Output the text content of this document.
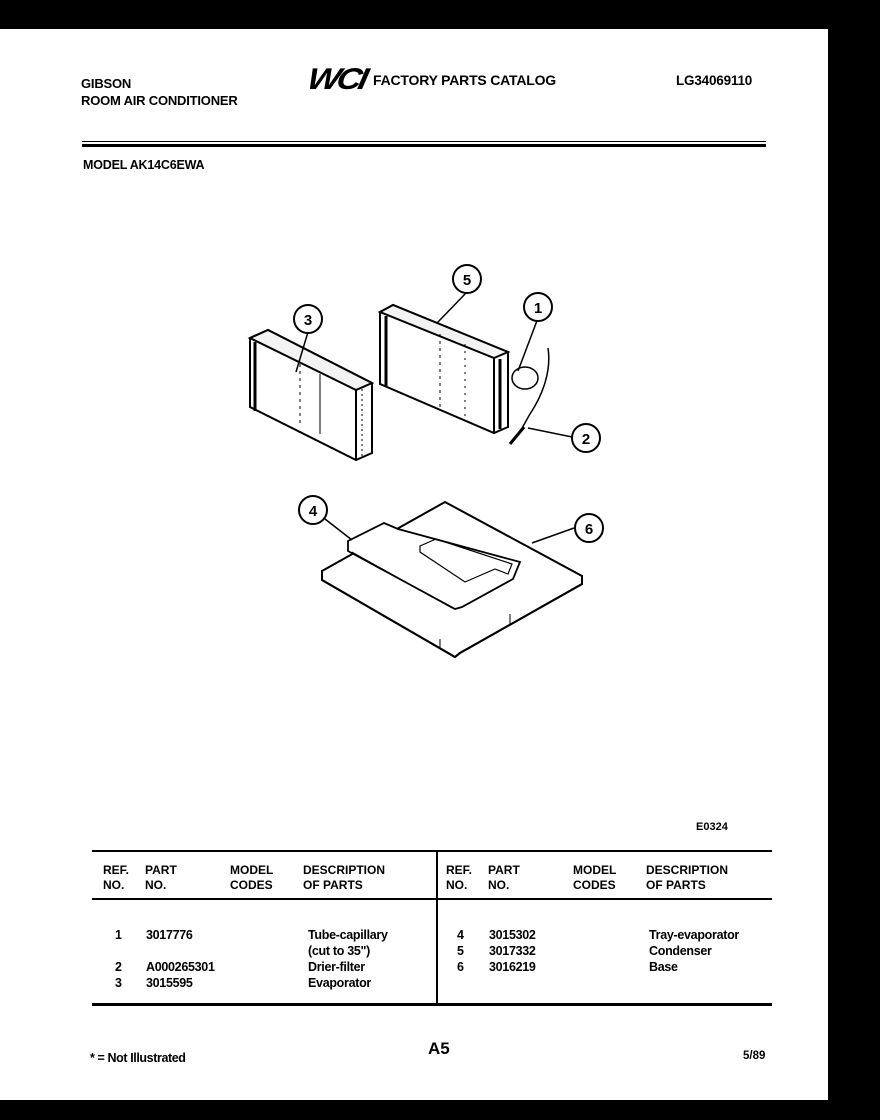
GIBSON
ROOM AIR CONDITIONER
WCI FACTORY PARTS CATALOG	LG34069110
MODEL AK14C6EWA
5
1
2
3
4
6
E0324
REF.
NO.
PART
NO.
MODEL
CODES
DESCRIPTION
OF PARTS
REF.
NO.
PART
NO.
MODEL
CODES
DESCRIPTION
OF PARTS
1 3017776	Tube-capillary
(cut to 35")
2 A000265301	Drier-filter
3 3015595	Evaporator
4 3015302	Tray-evaporator
5 3017332	Condenser
6 3016219	Base
* = Not Illustrated	A5	5/89
